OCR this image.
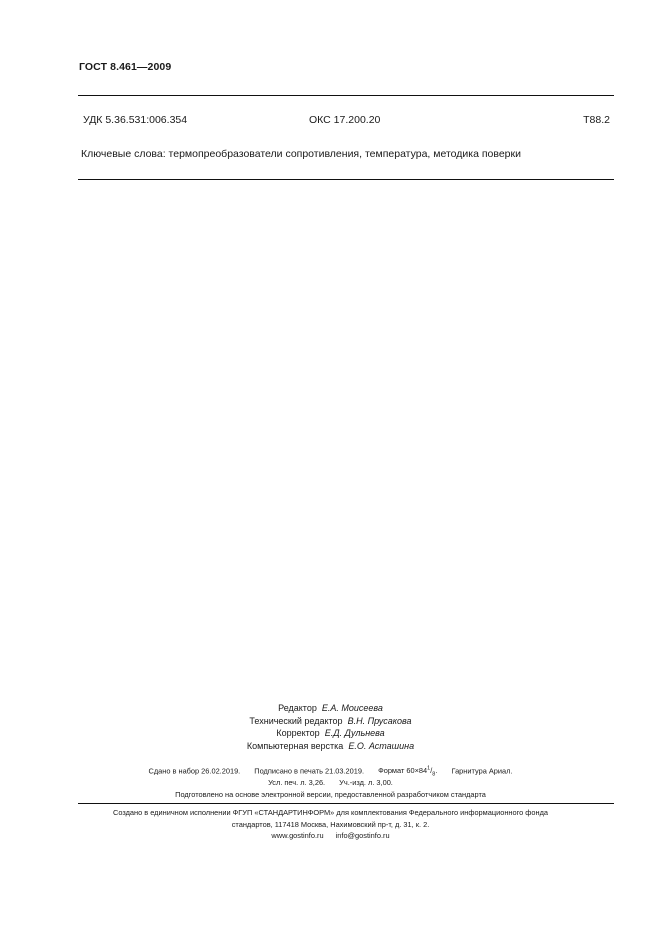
ГОСТ 8.461—2009
УДК 5.36.531:006.354	ОКС 17.200.20	Т88.2
Ключевые слова: термопреобразователи сопротивления, температура, методика поверки
Редактор Е.А. Моисеева
Технический редактор В.Н. Прусакова
Корректор Е.Д. Дульнева
Компьютерная верстка Е.О. Асташина
Сдано в набор 26.02.2019. Подписано в печать 21.03.2019. Формат $60\times 84^1/_8$. Гарнитура Ариал.
Усл. печ. л. 3,26. Уч.-изд. л. 3,00.
Подготовлено на основе электронной версии, предоставленной разработчиком стандарта
Создано в единичном исполнении ФГУП «СТАНДАРТИНФОРМ» для комплектования Федерального информационного фонда
стандартов, 117418 Москва, Нахимовский пр-т, д. 31, к. 2.
www.gostinfo.ru info@gostinfo.ru
